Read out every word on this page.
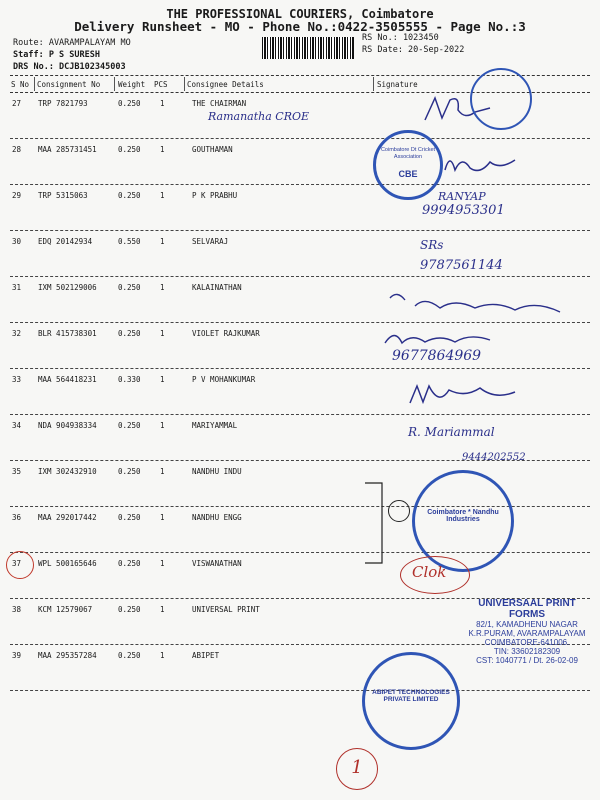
THE PROFESSIONAL COURIERS, Coimbatore
Delivery Runsheet - MO - Phone No.:0422-3505555 - Page No.:3
Route: AVARAMPALAYAM MO
Staff: P S SURESH
DRS No.: DCJB102345003
RS No.: 1023450
RS Date: 20-Sep-2022
S No Consignment No Weight PCS	Consignee Details	Signature
27 TRP 7821793	0.250	1	THE CHAIRMAN
28 MAA 285731451	0.250	1	GOUTHAMAN
29 TRP 5315063	0.250	1	P K PRABHU
30 EDQ 20142934	0.550	1	SELVARAJ
31 IXM 502129006	0.250	1	KALAINATHAN
32 BLR 415738301	0.250	1	VIOLET RAJKUMAR
33 MAA 564418231	0.330	1	P V MOHANKUMAR
34 NDA 904938334	0.250	1	MARIYAMMAL
35 IXM 302432910	0.250	1	NANDHU INDU
36 MAA 292017442	0.250	1	NANDHU ENGG
37 WPL 500165646	0.250	1	VISWANATHAN
38 KCM 12579067	0.250	1	UNIVERSAL PRINT
39 MAA 295357284	0.250	1	ABIPET
Ramanatha CROE
RANYAP
9994953301
SRs
9787561144
9677864969
R. Mariammal
9444202552
Coimbatore * Nandhu Industries
Coimbatore Dt Cricket Association
CBE
Clok
UNIVERSAAL PRINT FORMS
82/1, KAMADHENU NAGAR
K.R.PURAM, AVARAMPALAYAM
COIMBATORE-641006.
TIN: 33602182309
CST: 1040771 / Dt. 26-02-09
ABIPET TECHNOLOGIES PRIVATE LIMITED
1
